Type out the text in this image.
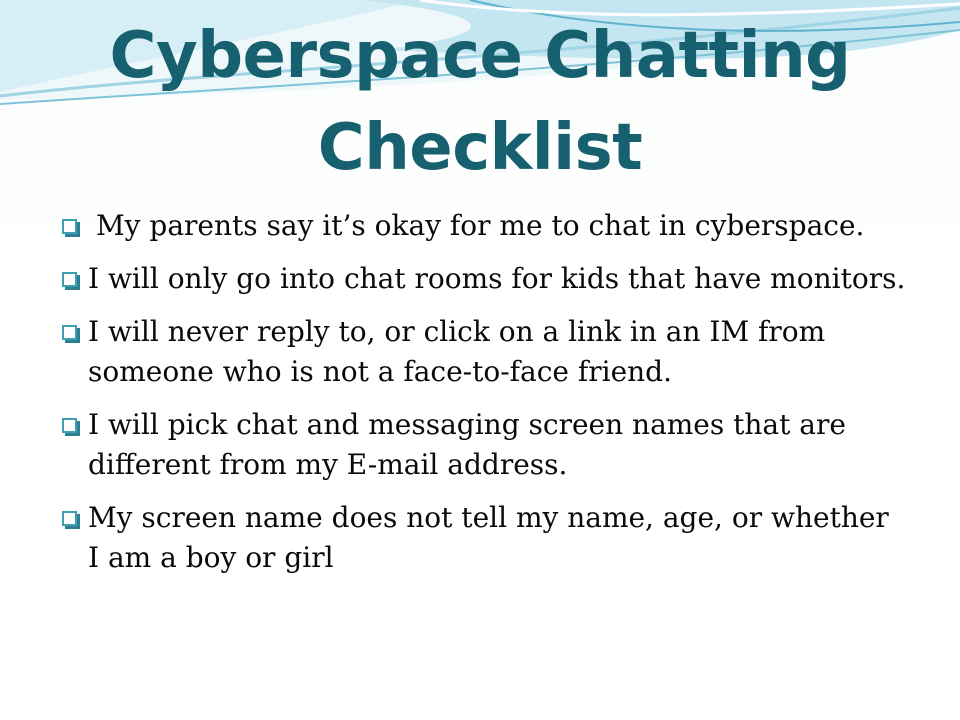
Cyberspace Chatting Checklist
My parents say it’s okay for me to chat in cyberspace.
I will only go into chat rooms for kids that have monitors.
I will never reply to, or click on a link in an IM from someone who is not a face-to-face friend.
I will pick chat and messaging screen names that are different from my E-mail address.
My screen name does not tell my name, age, or whether I am a boy or girl
